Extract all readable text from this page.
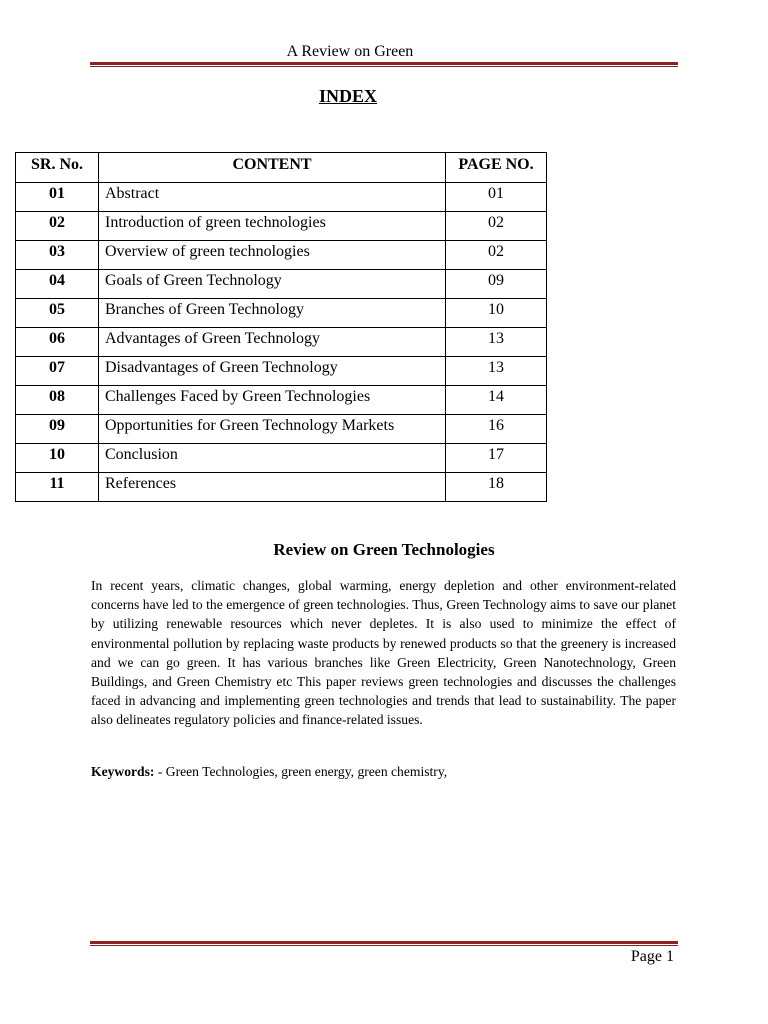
A Review on Green
INDEX
SR. No.	CONTENT	PAGE NO.
01	Abstract	01
02	Introduction of green technologies	02
03	Overview of green technologies	02
04	Goals of Green Technology	09
05	Branches of Green Technology	10
06	Advantages of Green Technology	13
07	Disadvantages of Green Technology	13
08	Challenges Faced by Green Technologies	14
09	Opportunities for Green Technology Markets	16
10	Conclusion	17
11	References	18
Review on Green Technologies

In recent years, climatic changes, global warming, energy depletion and other environment-related concerns have led to the emergence of green technologies. Thus, Green Technology aims to save our planet by utilizing renewable resources which never depletes. It is also used to minimize the effect of environmental pollution by replacing waste products by renewed products so that the greenery is increased and we can go green. It has various branches like Green Electricity, Green Nanotechnology, Green Buildings, and Green Chemistry etc This paper reviews green technologies and discusses the challenges faced in advancing and implementing green technologies and trends that lead to sustainability. The paper also delineates regulatory policies and finance-related issues.

Keywords: - Green Technologies, green energy, green chemistry,

Page 1
